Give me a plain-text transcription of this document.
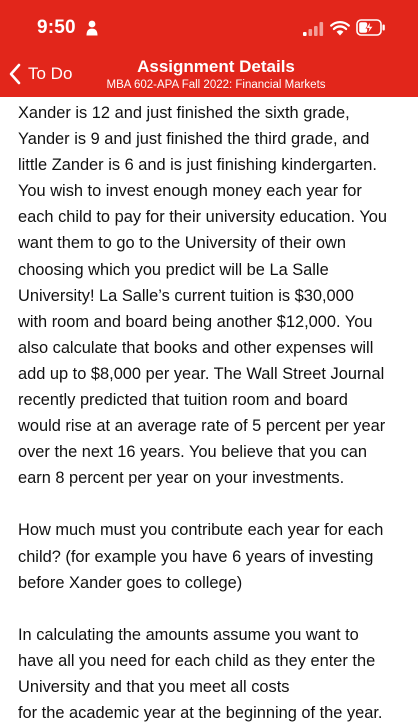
9:50
To Do	Assignment Details
MBA 602-APA Fall 2022: Financial Markets

Xander is 12 and just finished the sixth grade,
Yander is 9 and just finished the third grade, and
little Zander is 6 and is just finishing kindergarten.
You wish to invest enough money each year for
each child to pay for their university education. You
want them to go to the University of their own
choosing which you predict will be La Salle
University! La Salle’s current tuition is $30,000
with room and board being another $12,000. You
also calculate that books and other expenses will
add up to $8,000 per year. The Wall Street Journal
recently predicted that tuition room and board
would rise at an average rate of 5 percent per year
over the next 16 years. You believe that you can
earn 8 percent per year on your investments.

How much must you contribute each year for each
child? (for example you have 6 years of investing
before Xander goes to college)

In calculating the amounts assume you want to
have all you need for each child as they enter the
University and that you meet all costs
for the academic year at the beginning of the year.
